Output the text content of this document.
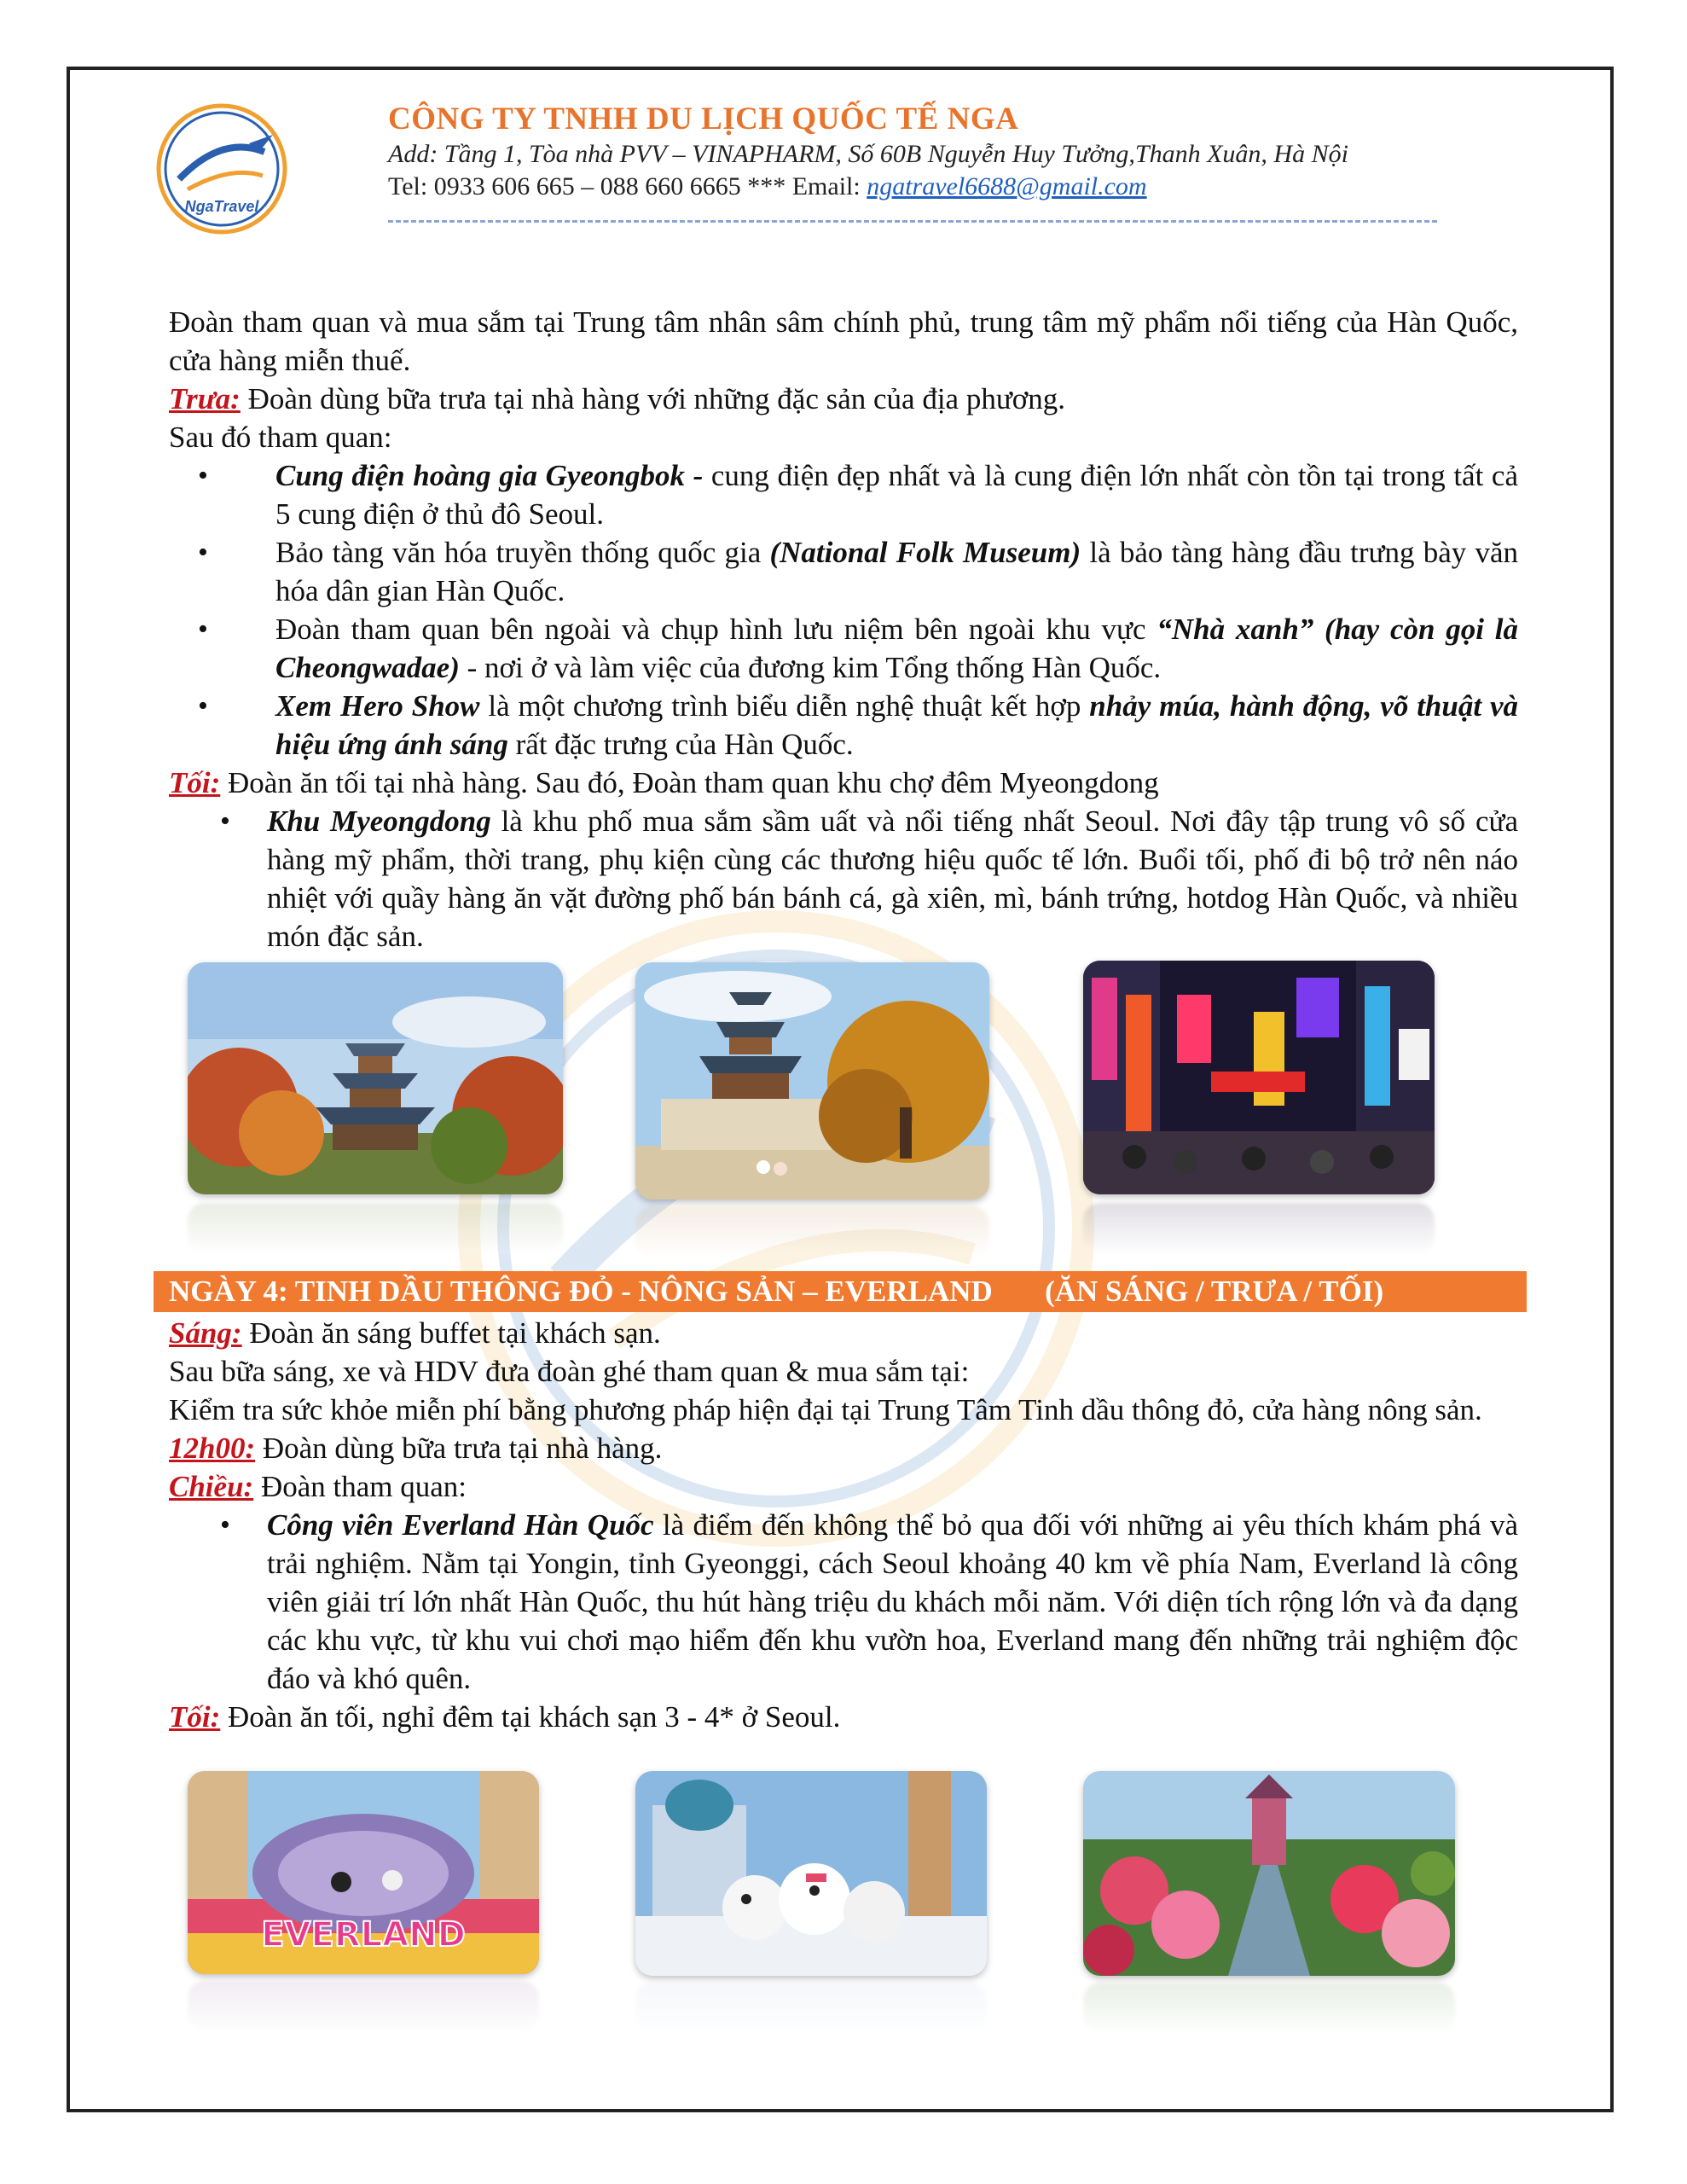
NgaTravel
CÔNG TY TNHH DU LỊCH QUỐC TẾ NGA
Add: Tầng 1, Tòa nhà PVV – VINAPHARM, Số 60B Nguyễn Huy Tưởng,Thanh Xuân, Hà Nội
Tel: 0933 606 665 – 088 660 6665 *** Email: ngatravel6688@gmail.com

Đoàn tham quan và mua sắm tại Trung tâm nhân sâm chính phủ, trung tâm mỹ phẩm nổi tiếng của Hàn Quốc, cửa hàng miễn thuế.

Trưa: Đoàn dùng bữa trưa tại nhà hàng với những đặc sản của địa phương.

Sau đó tham quan:

• Cung điện hoàng gia Gyeongbok - cung điện đẹp nhất và là cung điện lớn nhất còn tồn tại trong tất cả 5 cung điện ở thủ đô Seoul.
• Bảo tàng văn hóa truyền thống quốc gia (National Folk Museum) là bảo tàng hàng đầu trưng bày văn hóa dân gian Hàn Quốc.
• Đoàn tham quan bên ngoài và chụp hình lưu niệm bên ngoài khu vực “Nhà xanh” (hay còn gọi là Cheongwadae) - nơi ở và làm việc của đương kim Tổng thống Hàn Quốc.
• Xem Hero Show là một chương trình biểu diễn nghệ thuật kết hợp nhảy múa, hành động, võ thuật và hiệu ứng ánh sáng rất đặc trưng của Hàn Quốc.

Tối: Đoàn ăn tối tại nhà hàng. Sau đó, Đoàn tham quan khu chợ đêm Myeongdong

• Khu Myeongdong là khu phố mua sắm sầm uất và nổi tiếng nhất Seoul. Nơi đây tập trung vô số cửa hàng mỹ phẩm, thời trang, phụ kiện cùng các thương hiệu quốc tế lớn. Buổi tối, phố đi bộ trở nên náo nhiệt với quầy hàng ăn vặt đường phố bán bánh cá, gà xiên, mì, bánh trứng, hotdog Hàn Quốc, và nhiều món đặc sản.
NGÀY 4: TINH DẦU THÔNG ĐỎ - NÔNG SẢN – EVERLAND       (ĂN SÁNG / TRƯA / TỐI)

Sáng: Đoàn ăn sáng buffet tại khách sạn.

Sau bữa sáng, xe và HDV đưa đoàn ghé tham quan & mua sắm tại:

Kiểm tra sức khỏe miễn phí bằng phương pháp hiện đại tại Trung Tâm Tinh dầu thông đỏ, cửa hàng nông sản.

12h00: Đoàn dùng bữa trưa tại nhà hàng.

Chiều: Đoàn tham quan:

• Công viên Everland Hàn Quốc là điểm đến không thể bỏ qua đối với những ai yêu thích khám phá và trải nghiệm. Nằm tại Yongin, tỉnh Gyeonggi, cách Seoul khoảng 40 km về phía Nam, Everland là công viên giải trí lớn nhất Hàn Quốc, thu hút hàng triệu du khách mỗi năm. Với diện tích rộng lớn và đa dạng các khu vực, từ khu vui chơi mạo hiểm đến khu vườn hoa, Everland mang đến những trải nghiệm độc đáo và khó quên.

Tối: Đoàn ăn tối, nghỉ đêm tại khách sạn 3 - 4* ở Seoul.

EVERLAND
